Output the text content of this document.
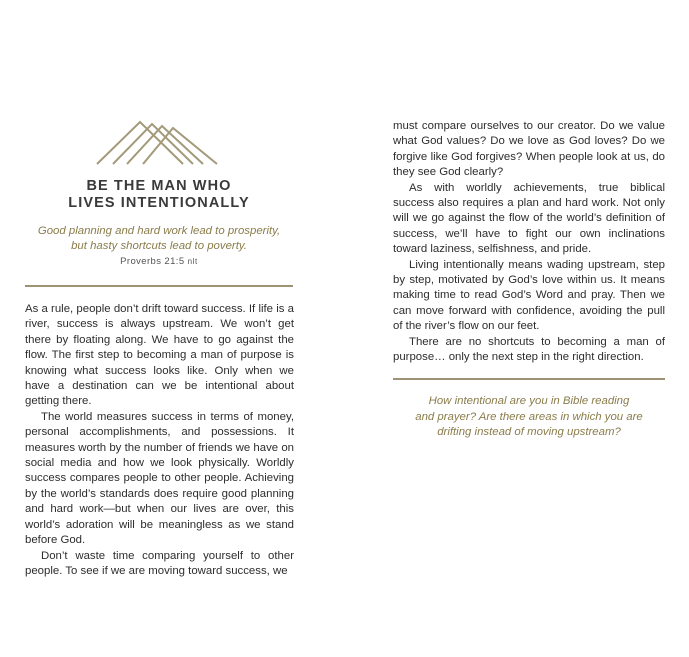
BE THE MAN WHO
LIVES INTENTIONALLY
Good planning and hard work lead to prosperity,
but hasty shortcuts lead to poverty.
Proverbs 21:5 nlt

As a rule, people don’t drift toward success. If life is a river, success is always upstream. We won’t get there by floating along. We have to go against the flow. The first step to becoming a man of purpose is knowing what success looks like. Only when we have a destination can we be intentional about getting there.

The world measures success in terms of money, personal accomplishments, and possessions. It measures worth by the number of friends we have on social media and how we look physically. Worldly success compares people to other people. Achieving by the world’s standards does require good planning and hard work—but when our lives are over, this world’s adoration will be meaningless as we stand before God.

Don’t waste time comparing yourself to other people. To see if we are moving toward success, we

must compare ourselves to our creator. Do we value what God values? Do we love as God loves? Do we forgive like God forgives? When people look at us, do they see God clearly?

As with worldly achievements, true biblical success also requires a plan and hard work. Not only will we go against the flow of the world’s definition of success, we’ll have to fight our own inclinations toward laziness, selfishness, and pride.

Living intentionally means wading upstream, step by step, motivated by God’s love within us. It means making time to read God’s Word and pray. Then we can move forward with confidence, avoiding the pull of the river’s flow on our feet.

There are no shortcuts to becoming a man of purpose… only the next step in the right direction.

How intentional are you in Bible reading
and prayer? Are there areas in which you are
drifting instead of moving upstream?
